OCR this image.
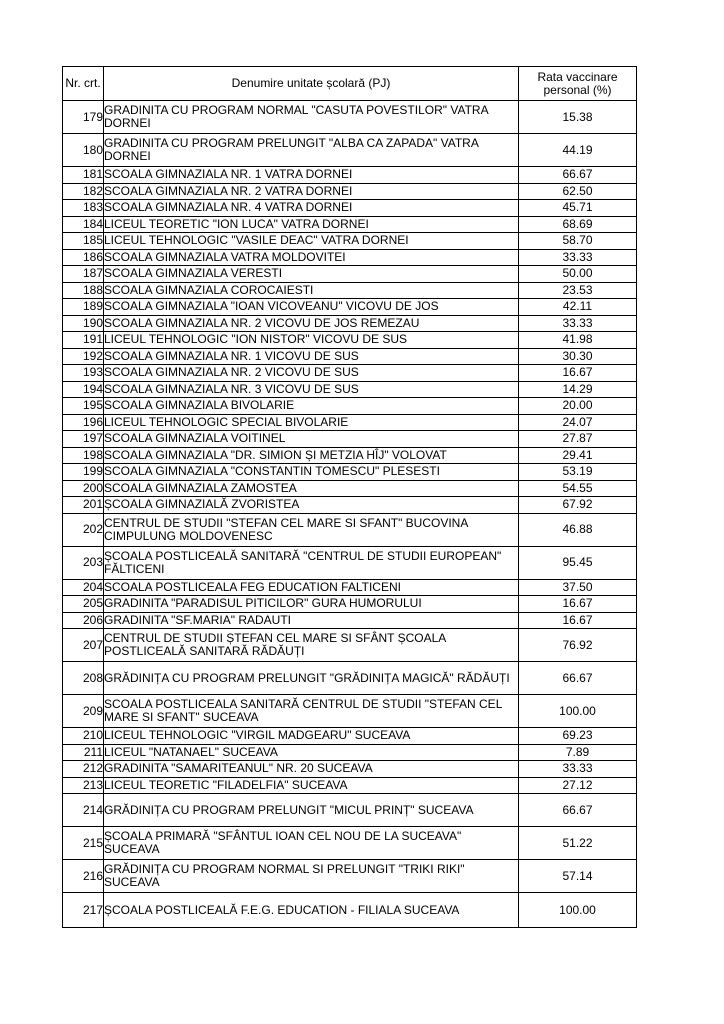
Nr. crt.	Denumire unitate școlară (PJ)	Rata vaccinare personal (%)
179	GRADINITA CU PROGRAM NORMAL "CASUTA POVESTILOR" VATRA DORNEI	15.38
180	GRADINITA CU PROGRAM PRELUNGIT "ALBA CA ZAPADA" VATRA DORNEI	44.19
181	SCOALA GIMNAZIALA NR. 1 VATRA DORNEI	66.67
182	SCOALA GIMNAZIALA NR. 2 VATRA DORNEI	62.50
183	SCOALA GIMNAZIALA NR. 4 VATRA DORNEI	45.71
184	LICEUL TEORETIC "ION LUCA" VATRA DORNEI	68.69
185	LICEUL TEHNOLOGIC "VASILE DEAC" VATRA DORNEI	58.70
186	SCOALA GIMNAZIALA VATRA MOLDOVITEI	33.33
187	SCOALA GIMNAZIALA VERESTI	50.00
188	SCOALA GIMNAZIALA COROCAIESTI	23.53
189	SCOALA GIMNAZIALA "IOAN VICOVEANU" VICOVU DE JOS	42.11
190	SCOALA GIMNAZIALA NR. 2 VICOVU DE JOS REMEZAU	33.33
191	LICEUL TEHNOLOGIC "ION NISTOR" VICOVU DE SUS	41.98
192	SCOALA GIMNAZIALA NR. 1 VICOVU DE SUS	30.30
193	SCOALA GIMNAZIALA NR. 2 VICOVU DE SUS	16.67
194	SCOALA GIMNAZIALA NR. 3 VICOVU DE SUS	14.29
195	SCOALA GIMNAZIALA BIVOLARIE	20.00
196	LICEUL TEHNOLOGIC SPECIAL BIVOLARIE	24.07
197	SCOALA GIMNAZIALA VOITINEL	27.87
198	SCOALA GIMNAZIALA "DR. SIMION ȘI METZIA HÎJ" VOLOVAT	29.41
199	SCOALA GIMNAZIALA "CONSTANTIN TOMESCU" PLESESTI	53.19
200	SCOALA GIMNAZIALA ZAMOSTEA	54.55
201	ȘCOALA GIMNAZIALĂ ZVORISTEA	67.92
202	CENTRUL DE STUDII "STEFAN CEL MARE SI SFANT" BUCOVINA CIMPULUNG MOLDOVENESC	46.88
203	ȘCOALA POSTLICEALĂ SANITARĂ "CENTRUL DE STUDII EUROPEAN" FĂLTICENI	95.45
204	SCOALA POSTLICEALA FEG EDUCATION FALTICENI	37.50
205	GRADINITA "PARADISUL PITICILOR" GURA HUMORULUI	16.67
206	GRADINITA "SF.MARIA" RADAUTI	16.67
207	CENTRUL DE STUDII ȘTEFAN CEL MARE SI SFÂNT ȘCOALA POSTLICEALĂ SANITARĂ RĂDĂUȚI	76.92
208	GRĂDINIȚA CU PROGRAM PRELUNGIT "GRĂDINIȚA MAGICĂ" RĂDĂUȚI	66.67
209	SCOALA POSTLICEALA SANITARĂ CENTRUL DE STUDII "STEFAN CEL MARE SI SFANT" SUCEAVA	100.00
210	LICEUL TEHNOLOGIC "VIRGIL MADGEARU" SUCEAVA	69.23
211	LICEUL "NATANAEL" SUCEAVA	7.89
212	GRADINITA "SAMARITEANUL" NR. 20 SUCEAVA	33.33
213	LICEUL TEORETIC "FILADELFIA" SUCEAVA	27.12
214	GRĂDINIȚA CU PROGRAM PRELUNGIT "MICUL PRINȚ" SUCEAVA	66.67
215	ȘCOALA PRIMARĂ "SFÂNTUL IOAN CEL NOU DE LA SUCEAVA" SUCEAVA	51.22
216	GRĂDINIȚA CU PROGRAM NORMAL SI PRELUNGIT "TRIKI RIKI" SUCEAVA	57.14
217	ȘCOALA POSTLICEALĂ F.E.G. EDUCATION - FILIALA SUCEAVA	100.00
